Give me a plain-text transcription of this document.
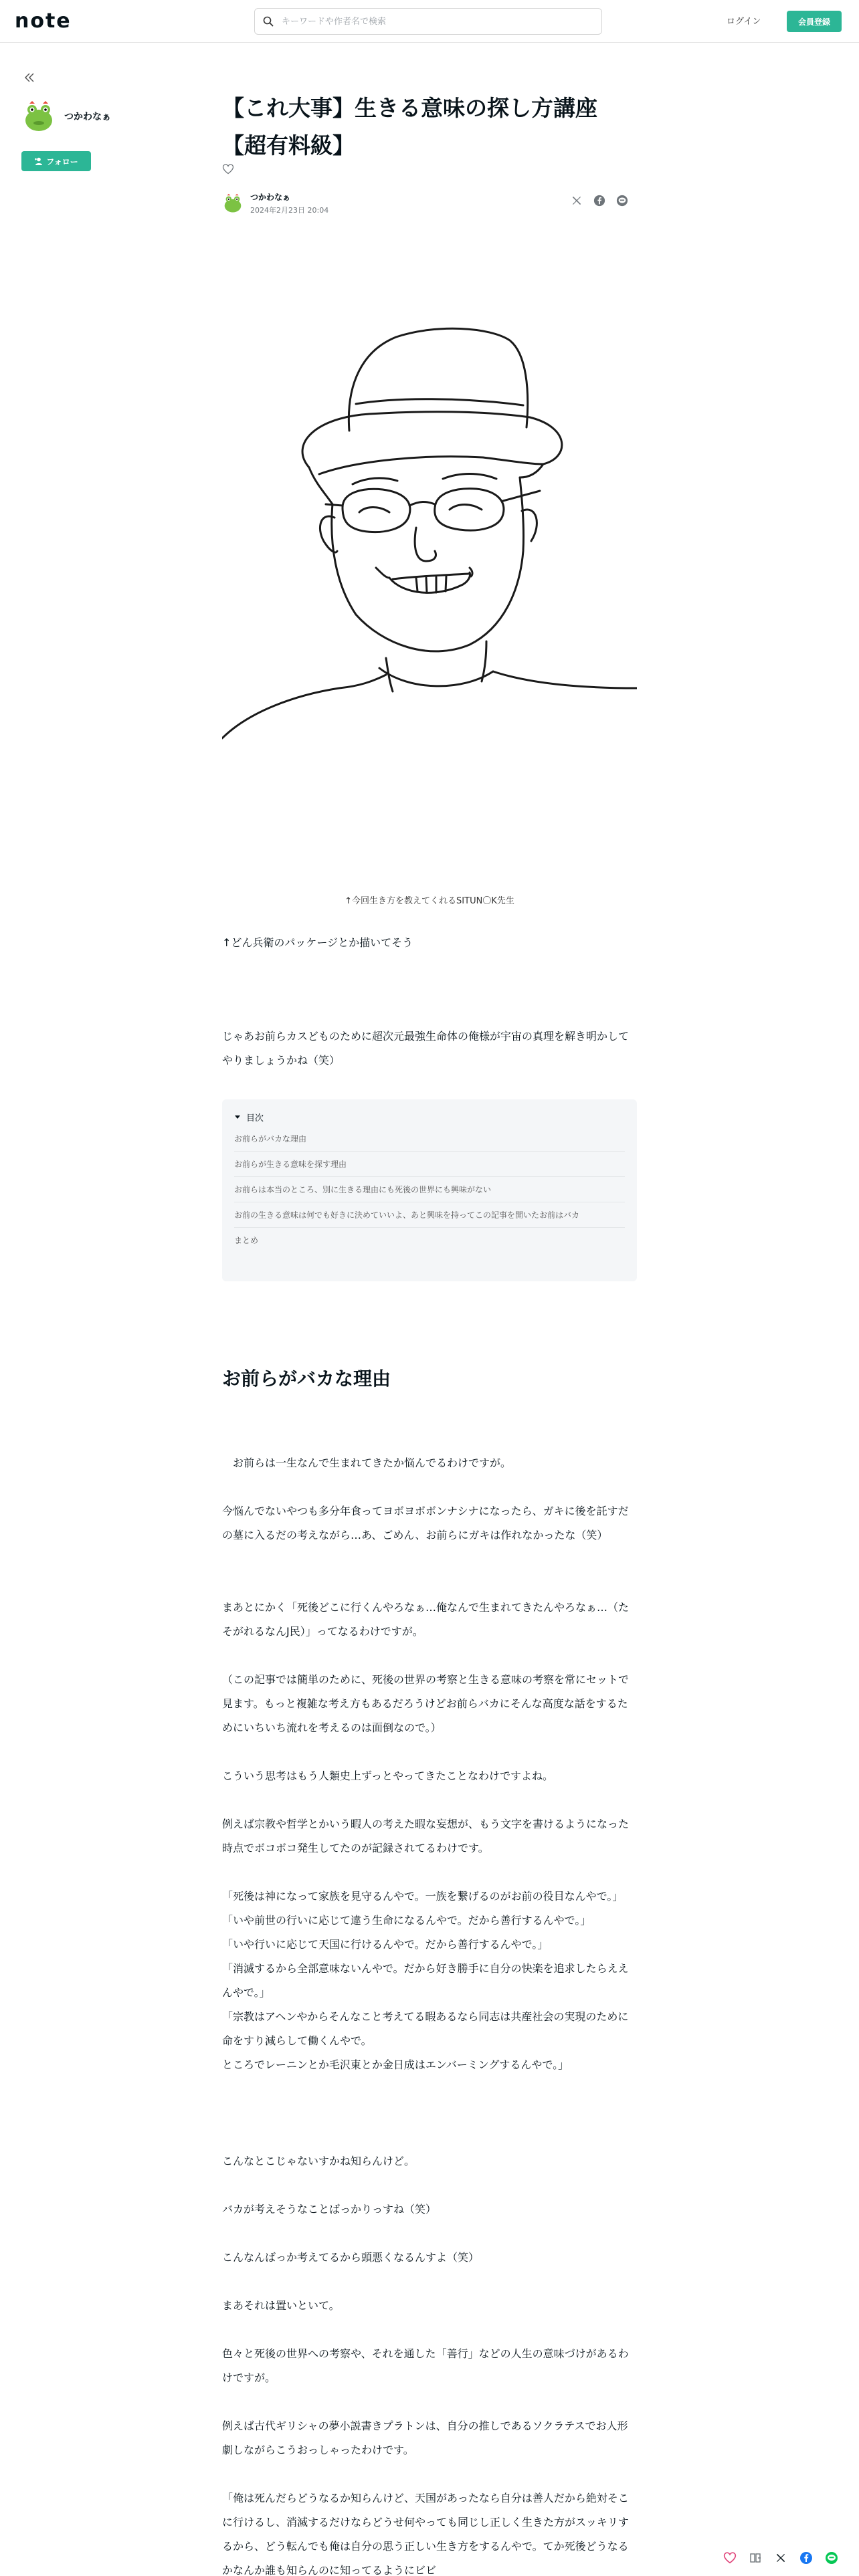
note
キーワードや作者名で検索	ログイン	会員登録
つかわなぁ
フォロー
【これ大事】生きる意味の探し方講座【超有料級】
つかわなぁ
2024年2月23日 20:04
↑今回生き方を教えてくれるSITUN〇K先生

↑どん兵衛のパッケージとか描いてそう

じゃあお前らカスどものために超次元最強生命体の俺様が宇宙の真理を解き明かしてやりましょうかね（笑）

目次
お前らがバカな理由
お前らが生きる意味を探す理由
お前らは本当のところ、別に生きる理由にも死後の世界にも興味がない
お前の生きる意味は何でも好きに決めていいよ、あと興味を持ってこの記事を開いたお前はバカ
まとめ
お前らがバカな理由

　お前らは一生なんで生まれてきたか悩んでるわけですが。

今悩んでないやつも多分年食ってヨボヨボボンナシナになったら、ガキに後を託すだの墓に入るだの考えながら…あ、ごめん、お前らにガキは作れなかったな（笑）

まあとにかく「死後どこに行くんやろなぁ…俺なんで生まれてきたんやろなぁ…（たそがれるなんJ民）」ってなるわけですが。

（この記事では簡単のために、死後の世界の考察と生きる意味の考察を常にセットで見ます。もっと複雑な考え方もあるだろうけどお前らバカにそんな高度な話をするためにいちいち流れを考えるのは面倒なので。）

こういう思考はもう人類史上ずっとやってきたことなわけですよね。

例えば宗教や哲学とかいう暇人の考えた暇な妄想が、もう文字を書けるようになった時点でボコボコ発生してたのが記録されてるわけです。

「死後は神になって家族を見守るんやで。一族を繋げるのがお前の役目なんやで。」
「いや前世の行いに応じて違う生命になるんやで。だから善行するんやで。」
「いや行いに応じて天国に行けるんやで。だから善行するんやで。」
「消滅するから全部意味ないんやで。だから好き勝手に自分の快楽を追求したらええんやで。」
「宗教はアヘンやからそんなこと考えてる暇あるなら同志は共産社会の実現のために命をすり減らして働くんやで。
ところでレーニンとか毛沢東とか金日成はエンバーミングするんやで。」

こんなとこじゃないすかね知らんけど。

バカが考えそうなことばっかりっすね（笑）

こんなんばっか考えてるから頭悪くなるんすよ（笑）

まあそれは置いといて。

色々と死後の世界への考察や、それを通した「善行」などの人生の意味づけがあるわけですが。

例えば古代ギリシャの夢小説書きプラトンは、自分の推しであるソクラテスでお人形劇しながらこうおっしゃったわけです。

「俺は死んだらどうなるか知らんけど、天国があったなら自分は善人だから絶対そこに行けるし、消滅するだけならどうせ何やっても同じし正しく生きた方がスッキリするから、どう転んでも俺は自分の思う正しい生き方をするんやで。てか死後どうなるかなんか誰も知らんのに知ってるようにビビ
